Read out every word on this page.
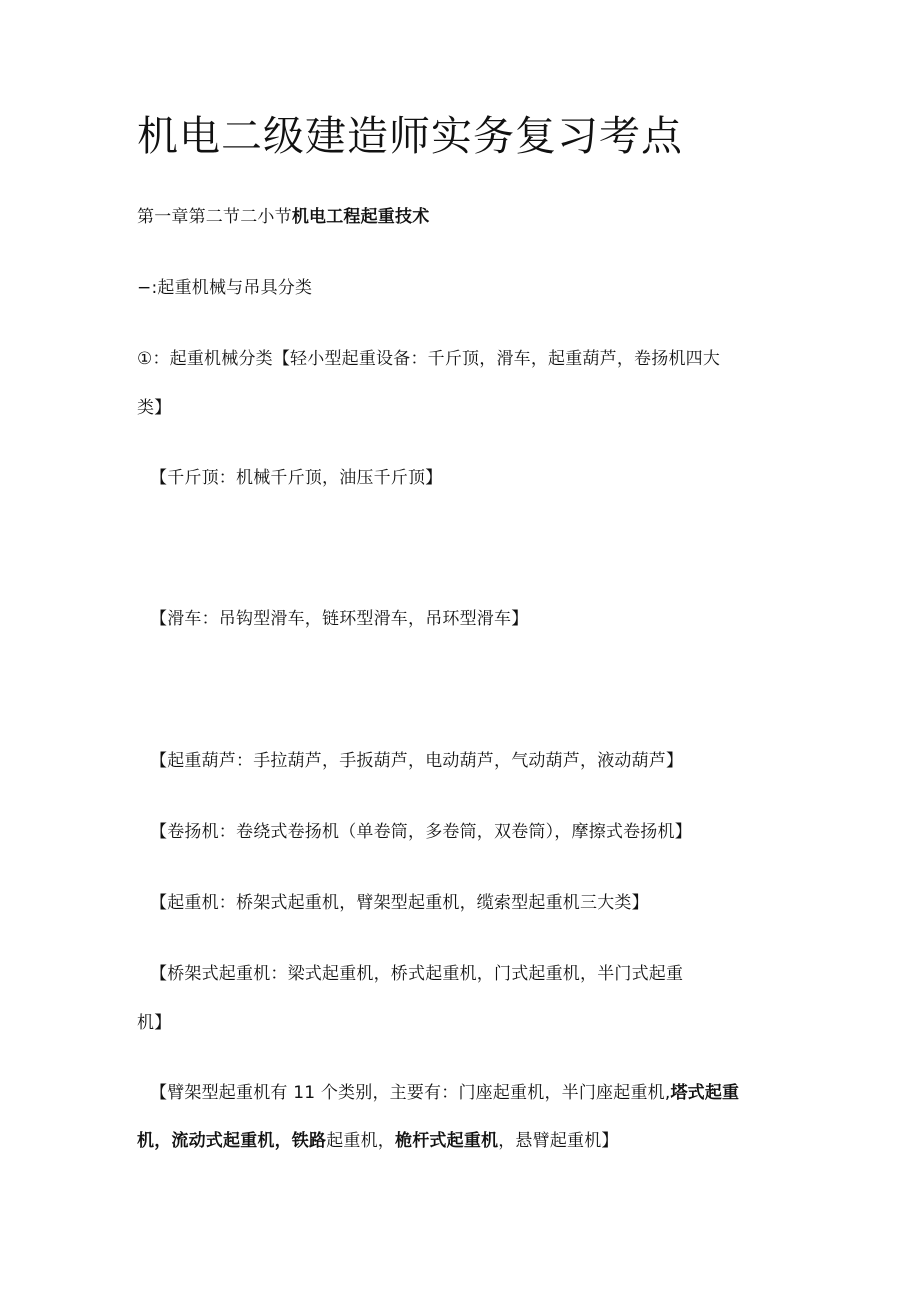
机电二级建造师实务复习考点
第一章第二节二小节机电工程起重技术
−:起重机械与吊具分类
①：起重机械分类【轻小型起重设备：千斤顶，滑车，起重葫芦，卷扬机四大
类】
【千斤顶：机械千斤顶，油压千斤顶】
【滑车：吊钩型滑车，链环型滑车，吊环型滑车】
【起重葫芦：手拉葫芦，手扳葫芦，电动葫芦，气动葫芦，液动葫芦】
【卷扬机：卷绕式卷扬机（单卷筒，多卷筒，双卷筒），摩擦式卷扬机】
【起重机：桥架式起重机，臂架型起重机，缆索型起重机三大类】
【桥架式起重机：梁式起重机，桥式起重机，门式起重机，半门式起重
机】
【臂架型起重机有 11 个类别，主要有：门座起重机，半门座起重机,塔式起重
机，流动式起重机，铁路起重机，桅杆式起重机，悬臂起重机】
